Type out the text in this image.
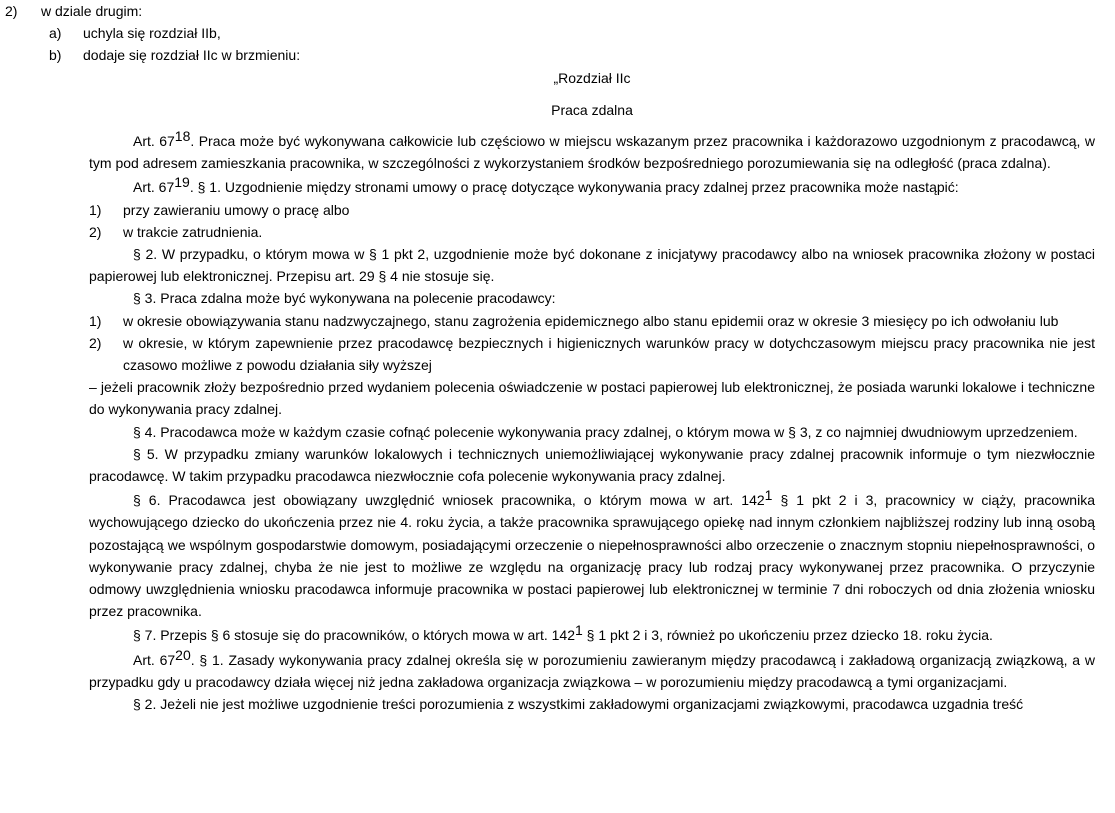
2) w dziale drugim:
a) uchyla się rozdział IIb,
b) dodaje się rozdział IIc w brzmieniu:
„Rozdział IIc
Praca zdalna

Art. $67^{18}$. Praca może być wykonywana całkowicie lub częściowo w miejscu wskazanym przez pracownika i każdorazowo uzgodnionym z pracodawcą, w tym pod adresem zamieszkania pracownika, w szczególności z wykorzystaniem środków bezpośredniego porozumiewania się na odległość (praca zdalna).

Art. $67^{19}$. § 1. Uzgodnienie między stronami umowy o pracę dotyczące wykonywania pracy zdalnej przez pracownika może nastąpić:

1)	przy zawieraniu umowy o pracę albo
2)	w trakcie zatrudnienia.

§ 2. W przypadku, o którym mowa w § 1 pkt 2, uzgodnienie może być dokonane z inicjatywy pracodawcy albo na wniosek pracownika złożony w postaci papierowej lub elektronicznej. Przepisu art. 29 § 4 nie stosuje się.

§ 3. Praca zdalna może być wykonywana na polecenie pracodawcy:

1)	w okresie obowiązywania stanu nadzwyczajnego, stanu zagrożenia epidemicznego albo stanu epidemii oraz w okresie 3 miesięcy po ich odwołaniu lub
2)	w okresie, w którym zapewnienie przez pracodawcę bezpiecznych i higienicznych warunków pracy w dotychczasowym miejscu pracy pracownika nie jest czasowo możliwe z powodu działania siły wyższej

– jeżeli pracownik złoży bezpośrednio przed wydaniem polecenia oświadczenie w postaci papierowej lub elektronicznej, że posiada warunki lokalowe i techniczne do wykonywania pracy zdalnej.

§ 4. Pracodawca może w każdym czasie cofnąć polecenie wykonywania pracy zdalnej, o którym mowa w § 3, z co najmniej dwudniowym uprzedzeniem.

§ 5. W przypadku zmiany warunków lokalowych i technicznych uniemożliwiającej wykonywanie pracy zdalnej pracownik informuje o tym niezwłocznie pracodawcę. W takim przypadku pracodawca niezwłocznie cofa polecenie wykonywania pracy zdalnej.

§ 6. Pracodawca jest obowiązany uwzględnić wniosek pracownika, o którym mowa w art. $142^1$ § 1 pkt 2 i 3, pracownicy w ciąży, pracownika wychowującego dziecko do ukończenia przez nie 4. roku życia, a także pracownika sprawującego opiekę nad innym członkiem najbliższej rodziny lub inną osobą pozostającą we wspólnym gospodarstwie domowym, posiadającymi orzeczenie o niepełnosprawności albo orzeczenie o znacznym stopniu niepełnosprawności, o wykonywanie pracy zdalnej, chyba że nie jest to możliwe ze względu na organizację pracy lub rodzaj pracy wykonywanej przez pracownika. O przyczynie odmowy uwzględnienia wniosku pracodawca informuje pracownika w postaci papierowej lub elektronicznej w terminie 7 dni roboczych od dnia złożenia wniosku przez pracownika.

§ 7. Przepis § 6 stosuje się do pracowników, o których mowa w art. $142^1$ § 1 pkt 2 i 3, również po ukończeniu przez dziecko 18. roku życia.

Art. $67^{20}$. § 1. Zasady wykonywania pracy zdalnej określa się w porozumieniu zawieranym między pracodawcą i zakładową organizacją związkową, a w przypadku gdy u pracodawcy działa więcej niż jedna zakładowa organizacja związkowa – w porozumieniu między pracodawcą a tymi organizacjami.

§ 2. Jeżeli nie jest możliwe uzgodnienie treści porozumienia z wszystkimi zakładowymi organizacjami związkowymi, pracodawca uzgadnia treść
